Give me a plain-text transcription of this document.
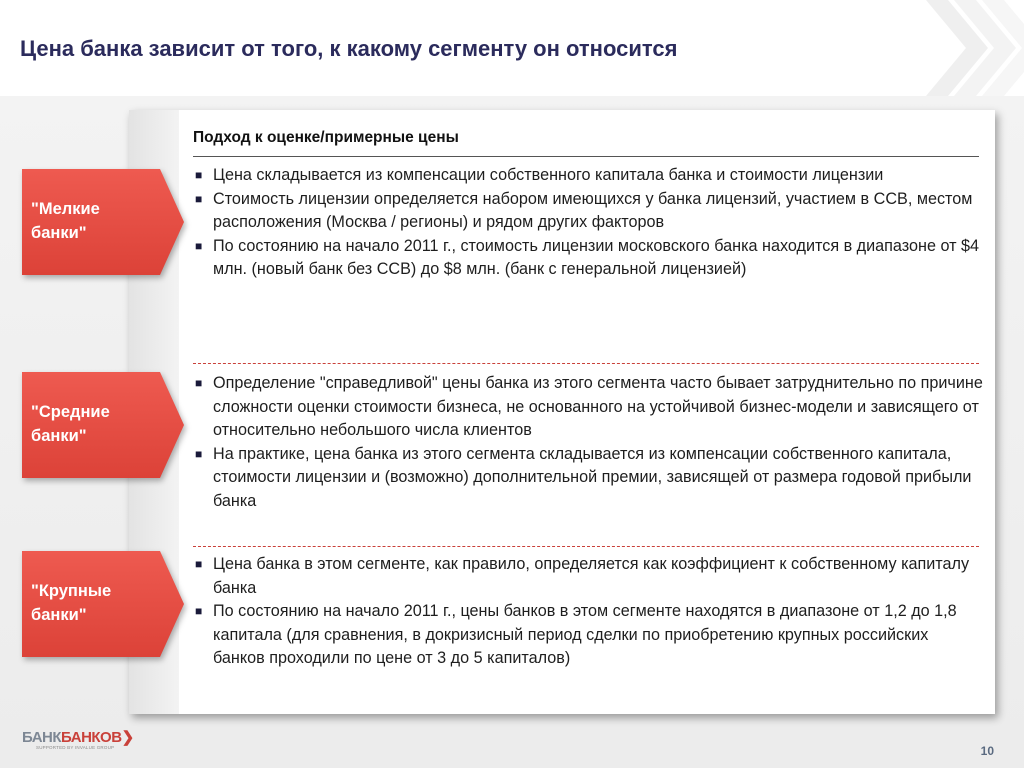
Цена банка зависит от того, к какому сегменту он относится
Подход к оценке/примерные цены
■ Цена складывается из компенсации собственного капитала банка и стоимости лицензии
■ Стоимость лицензии определяется набором имеющихся у банка лицензий, участием в ССВ, местом расположения (Москва / регионы) и рядом других факторов
■ По состоянию на начало 2011 г., стоимость лицензии московского банка находится в диапазоне от $4 млн. (новый банк без ССВ) до $8 млн. (банк с генеральной лицензией)
■ Определение "справедливой" цены банка из этого сегмента часто бывает затруднительно по причине сложности оценки стоимости бизнеса, не основанного на устойчивой бизнес-модели и зависящего от относительно небольшого числа клиентов
■ На практике, цена банка из этого сегмента складывается из компенсации собственного капитала, стоимости лицензии и (возможно) дополнительной премии, зависящей от размера годовой прибыли банка
■ Цена банка в этом сегменте, как правило, определяется как коэффициент к собственному капиталу банка
■ По состоянию на начало 2011 г., цены банков в этом сегменте находятся в диапазоне от 1,2 до 1,8 капитала (для сравнения, в докризисный период сделки по приобретению крупных российских банков проходили по цене от 3 до 5 капиталов)
"Мелкие банки"
"Средние банки"
"Крупные банки"
БАНКБАНКОВ❯
SUPPORTED BY INVALUE GROUP	10
